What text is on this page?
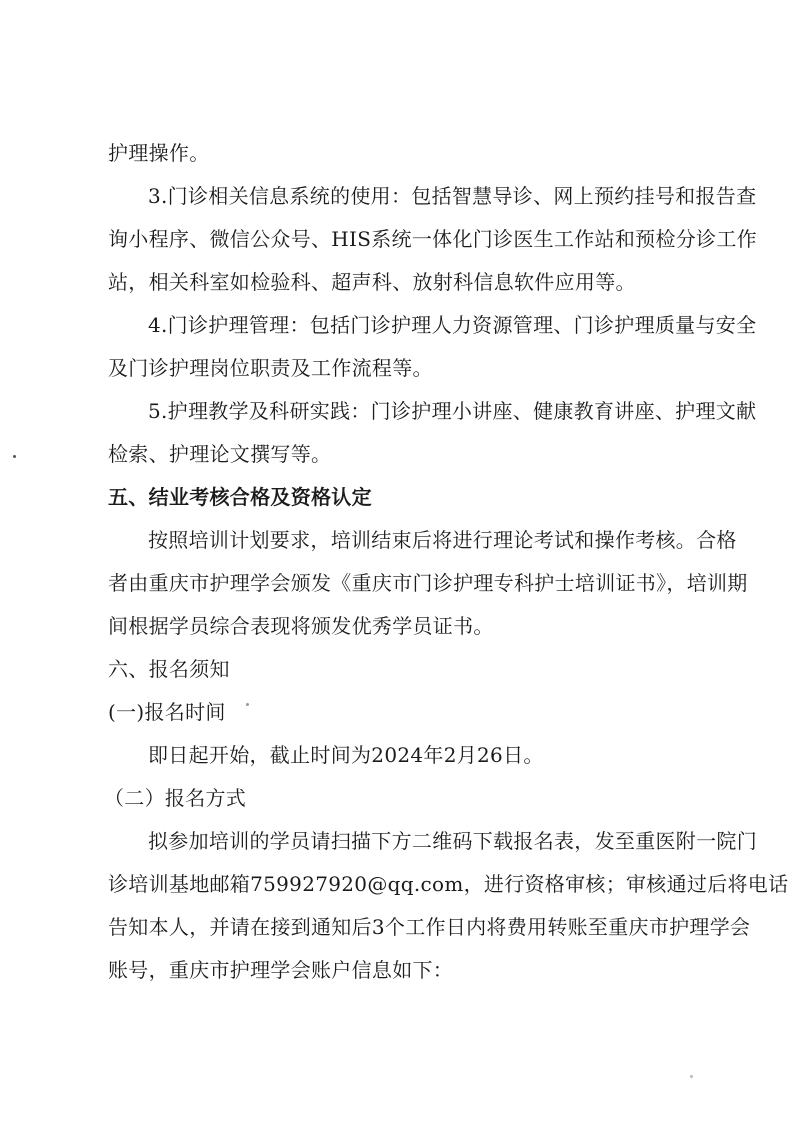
护理操作。
3.门诊相关信息系统的使用：包括智慧导诊、网上预约挂号和报告查
询小程序、微信公众号、HIS系统一体化门诊医生工作站和预检分诊工作
站，相关科室如检验科、超声科、放射科信息软件应用等。
4.门诊护理管理：包括门诊护理人力资源管理、门诊护理质量与安全
及门诊护理岗位职责及工作流程等。
5.护理教学及科研实践：门诊护理小讲座、健康教育讲座、护理文献
检索、护理论文撰写等。
五、结业考核合格及资格认定
按照培训计划要求，培训结束后将进行理论考试和操作考核。合格
者由重庆市护理学会颁发《重庆市门诊护理专科护士培训证书》，培训期
间根据学员综合表现将颁发优秀学员证书。
六、报名须知
(一)报名时间
即日起开始，截止时间为2024年2月26日。
（二）报名方式
拟参加培训的学员请扫描下方二维码下载报名表，发至重医附一院门
诊培训基地邮箱759927920@qq.com，进行资格审核；审核通过后将电话
告知本人，并请在接到通知后3个工作日内将费用转账至重庆市护理学会
账号，重庆市护理学会账户信息如下：
